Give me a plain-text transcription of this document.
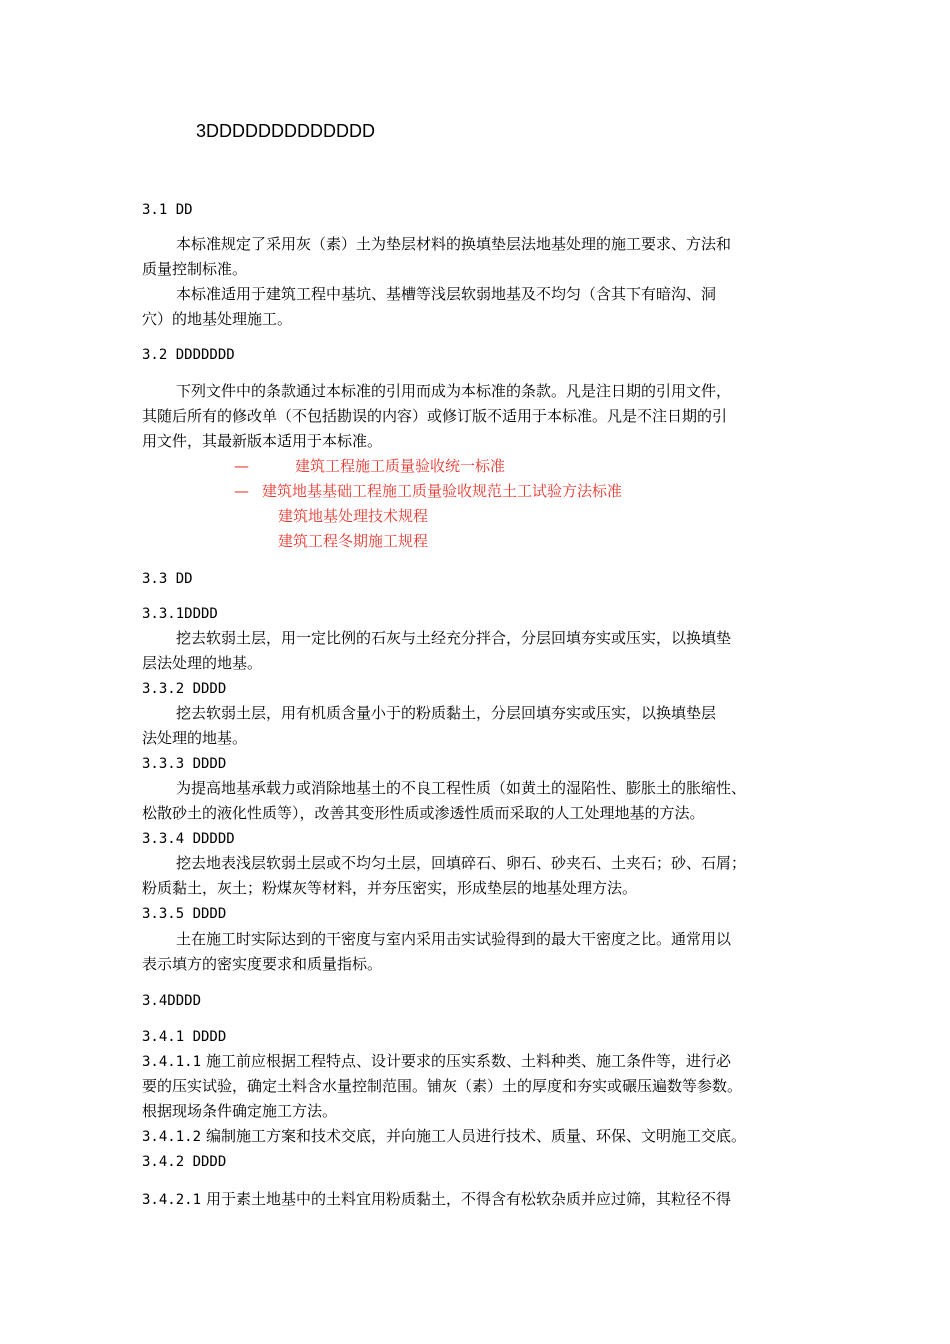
3DDDDDDDDDDDDD
3.1 DD
本标准规定了采用灰（素）土为垫层材料的换填垫层法地基处理的施工要求、方法和
质量控制标准。
本标准适用于建筑工程中基坑、基槽等浅层软弱地基及不均匀（含其下有暗沟、洞
穴）的地基处理施工。
3.2 DDDDDDD
下列文件中的条款通过本标准的引用而成为本标准的条款。凡是注日期的引用文件，
其随后所有的修改单（不包括勘误的内容）或修订版不适用于本标准。凡是不注日期的引
用文件，其最新版本适用于本标准。
—	建筑工程施工质量验收统一标准
— 建筑地基基础工程施工质量验收规范土工试验方法标准
建筑地基处理技术规程
建筑工程冬期施工规程
3.3 DD
3.3.1DDDD
挖去软弱土层，用一定比例的石灰与土经充分拌合，分层回填夯实或压实，以换填垫
层法处理的地基。
3.3.2 DDDD
挖去软弱土层，用有机质含量小于的粉质黏土，分层回填夯实或压实，以换填垫层
法处理的地基。
3.3.3 DDDD
为提高地基承载力或消除地基土的不良工程性质（如黄土的湿陷性、膨胀土的胀缩性、
松散砂土的液化性质等），改善其变形性质或渗透性质而采取的人工处理地基的方法。
3.3.4 DDDDD
挖去地表浅层软弱土层或不均匀土层，回填碎石、卵石、砂夹石、土夹石；砂、石屑；
粉质黏土，灰土；粉煤灰等材料，并夯压密实，形成垫层的地基处理方法。
3.3.5 DDDD
土在施工时实际达到的干密度与室内采用击实试验得到的最大干密度之比。通常用以
表示填方的密实度要求和质量指标。
3.4DDDD
3.4.1 DDDD
3.4.1.1 施工前应根据工程特点、设计要求的压实系数、土料种类、施工条件等，进行必
要的压实试验，确定土料含水量控制范围。铺灰（素）土的厚度和夯实或碾压遍数等参数。
根据现场条件确定施工方法。
3.4.1.2 编制施工方案和技术交底，并向施工人员进行技术、质量、环保、文明施工交底。
3.4.2 DDDD
3.4.2.1 用于素土地基中的土料宜用粉质黏土，不得含有松软杂质并应过筛，其粒径不得
